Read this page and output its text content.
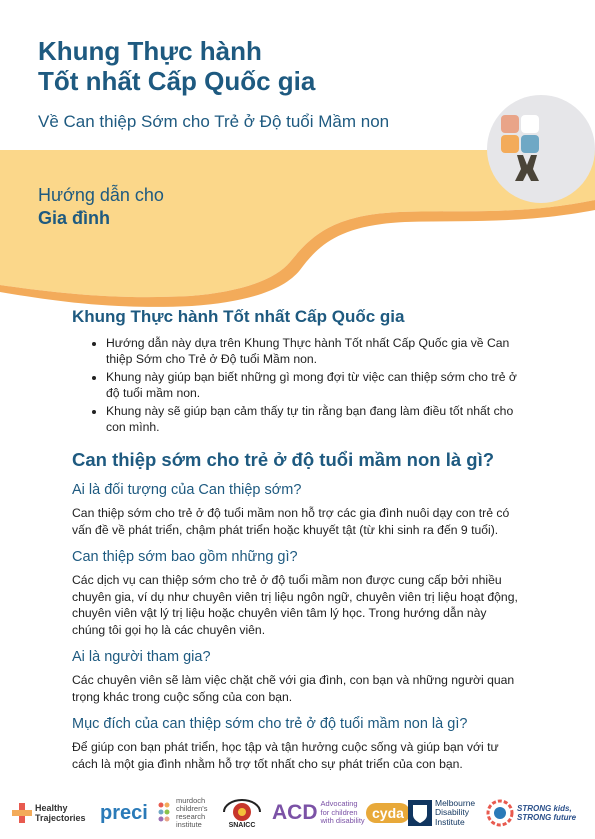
Khung Thực hành
Tốt nhất Cấp Quốc gia
Về Can thiệp Sớm cho Trẻ ở Độ tuổi Mầm non
Hướng dẫn cho
Gia đình
Khung Thực hành Tốt nhất Cấp Quốc gia
• Hướng dẫn này dựa trên Khung Thực hành Tốt nhất Cấp Quốc gia về Can thiệp Sớm cho Trẻ ở Độ tuổi Mầm non.
• Khung này giúp bạn biết những gì mong đợi từ việc can thiệp sớm cho trẻ ở độ tuổi mầm non.
• Khung này sẽ giúp bạn cảm thấy tự tin rằng bạn đang làm điều tốt nhất cho con mình.
Can thiệp sớm cho trẻ ở độ tuổi mầm non là gì?
Ai là đối tượng của Can thiệp sớm?

Can thiệp sớm cho trẻ ở độ tuổi mầm non hỗ trợ các gia đình nuôi dạy con trẻ có vấn đề về phát triển, chậm phát triển hoặc khuyết tật (từ khi sinh ra đến 9 tuổi).

Can thiệp sớm bao gồm những gì?

Các dịch vụ can thiệp sớm cho trẻ ở độ tuổi mầm non được cung cấp bởi nhiều chuyên gia, ví dụ như chuyên viên trị liệu ngôn ngữ, chuyên viên trị liệu hoạt động, chuyên viên vật lý trị liệu hoặc chuyên viên tâm lý học. Trong hướng dẫn này chúng tôi gọi họ là các chuyên viên.

Ai là người tham gia?

Các chuyên viên sẽ làm việc chặt chẽ với gia đình, con bạn và những người quan trọng khác trong cuộc sống của con bạn.

Mục đích của can thiệp sớm cho trẻ ở độ tuổi mầm non là gì?

Để giúp con bạn phát triển, học tập và tận hưởng cuộc sống và giúp bạn với tư cách là một gia đình nhằm hỗ trợ tốt nhất cho sự phát triển của con bạn.

Healthy
Trajectories preci
murdoch
children's
research
institute	SNAICC
ACD Advocating
for children
with disability cyda
Melbourne
Disability
Institute
STRONG kids,
STRONG future
